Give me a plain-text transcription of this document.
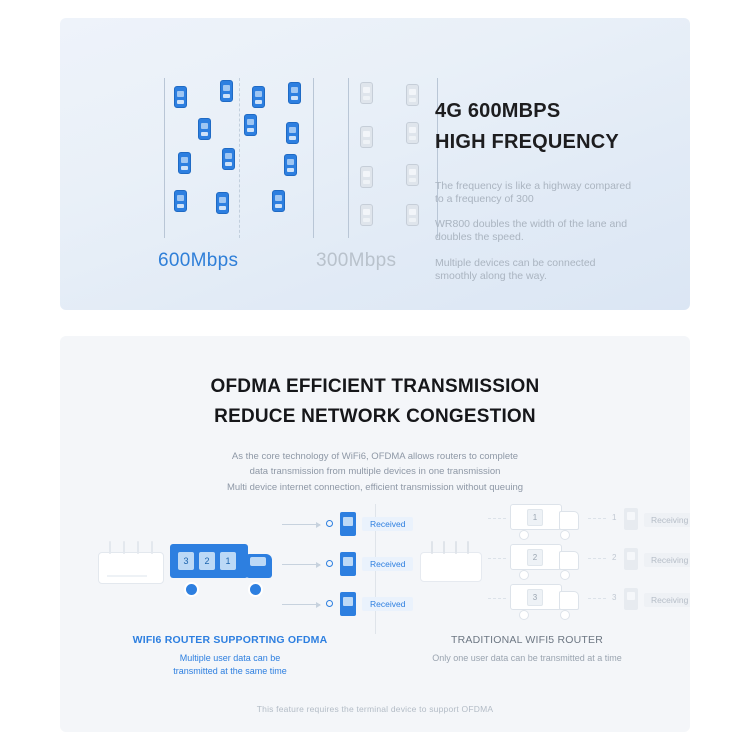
600Mbps	300Mbps
4G 600MBPS
HIGH FREQUENCY

The frequency is like a highway compared to a frequency of 300

WR800 doubles the width of the lane and doubles the speed.

Multiple devices can be connected smoothly along the way.

OFDMA EFFICIENT TRANSMISSION
REDUCE NETWORK CONGESTION
As the core technology of WiFi6, OFDMA allows routers to complete
data transmission from multiple devices in one transmission
Multi device internet connection, efficient transmission without queuing
3	2	1
Received
Received
Received
1
2
3
1	Receiving
2	Receiving
3	Receiving
WIFI6 ROUTER SUPPORTING OFDMA
Multiple user data can be
transmitted at the same time
TRADITIONAL WIFI5 ROUTER
Only one user data can be transmitted at a time
This feature requires the terminal device to support OFDMA
